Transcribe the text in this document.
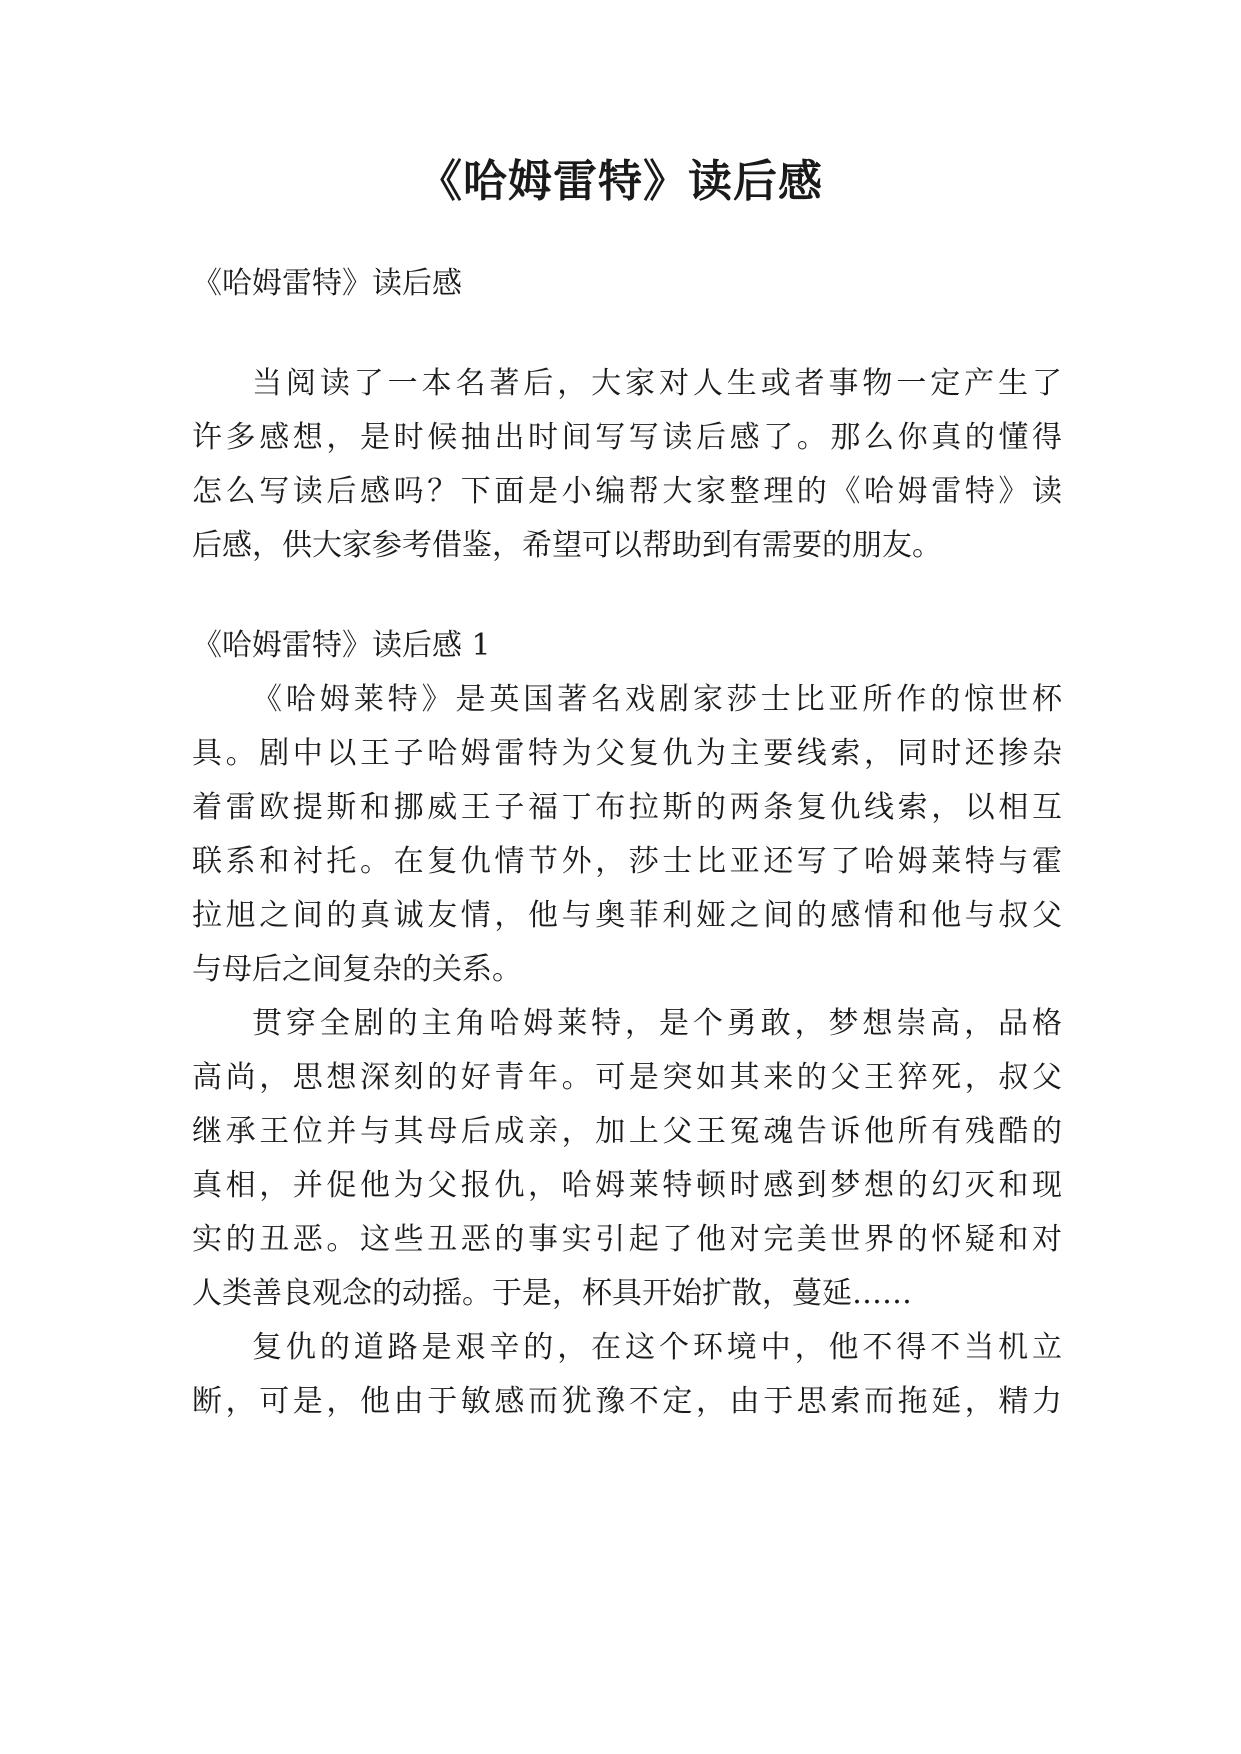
《哈姆雷特》读后感

《哈姆雷特》读后感

当阅读了一本名著后，大家对人生或者事物一定产生了

许多感想，是时候抽出时间写写读后感了。那么你真的懂得

怎么写读后感吗？下面是小编帮大家整理的《哈姆雷特》读

后感，供大家参考借鉴，希望可以帮助到有需要的朋友。

《哈姆雷特》读后感 1

《哈姆莱特》是英国著名戏剧家莎士比亚所作的惊世杯

具。剧中以王子哈姆雷特为父复仇为主要线索，同时还掺杂

着雷欧提斯和挪威王子福丁布拉斯的两条复仇线索，以相互

联系和衬托。在复仇情节外，莎士比亚还写了哈姆莱特与霍

拉旭之间的真诚友情，他与奥菲利娅之间的感情和他与叔父

与母后之间复杂的关系。

贯穿全剧的主角哈姆莱特，是个勇敢，梦想崇高，品格

高尚，思想深刻的好青年。可是突如其来的父王猝死，叔父

继承王位并与其母后成亲，加上父王冤魂告诉他所有残酷的

真相，并促他为父报仇，哈姆莱特顿时感到梦想的幻灭和现

实的丑恶。这些丑恶的事实引起了他对完美世界的怀疑和对

人类善良观念的动摇。于是，杯具开始扩散，蔓延……

复仇的道路是艰辛的，在这个环境中，他不得不当机立

断，可是，他由于敏感而犹豫不定，由于思索而拖延，精力
